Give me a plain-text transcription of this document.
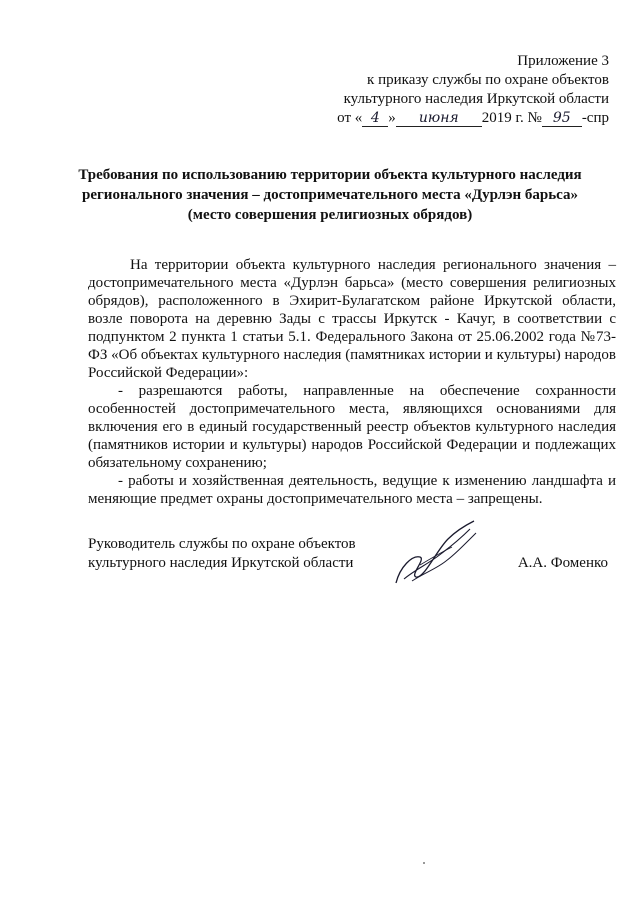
Приложение 3
к приказу службы по охране объектов
культурного наследия Иркутской области
от « 4 » июня 2019 г. № 95 -спр
Требования по использованию территории объекта культурного наследия
регионального значения – достопримечательного места «Дурлэн барьса»
(место совершения религиозных обрядов)

На территории объекта культурного наследия регионального значения – достопримечательного места «Дурлэн барьса» (место совершения религиозных обрядов), расположенного в Эхирит-Булагатском районе Иркутской области, возле поворота на деревню Зады с трассы Иркутск - Качуг, в соответствии с подпунктом 2 пункта 1 статьи 5.1. Федерального Закона от 25.06.2002 года №73-ФЗ «Об объектах культурного наследия (памятниках истории и культуры) народов Российской Федерации»:

- разрешаются работы, направленные на обеспечение сохранности особенностей достопримечательного места, являющихся основаниями для включения его в единый государственный реестр объектов культурного наследия (памятников истории и культуры) народов Российской Федерации и подлежащих обязательному сохранению;

- работы и хозяйственная деятельность, ведущие к изменению ландшафта и меняющие предмет охраны достопримечательного места – запрещены.

Руководитель службы по охране объектов
культурного наследия Иркутской области	А.А. Фоменко
